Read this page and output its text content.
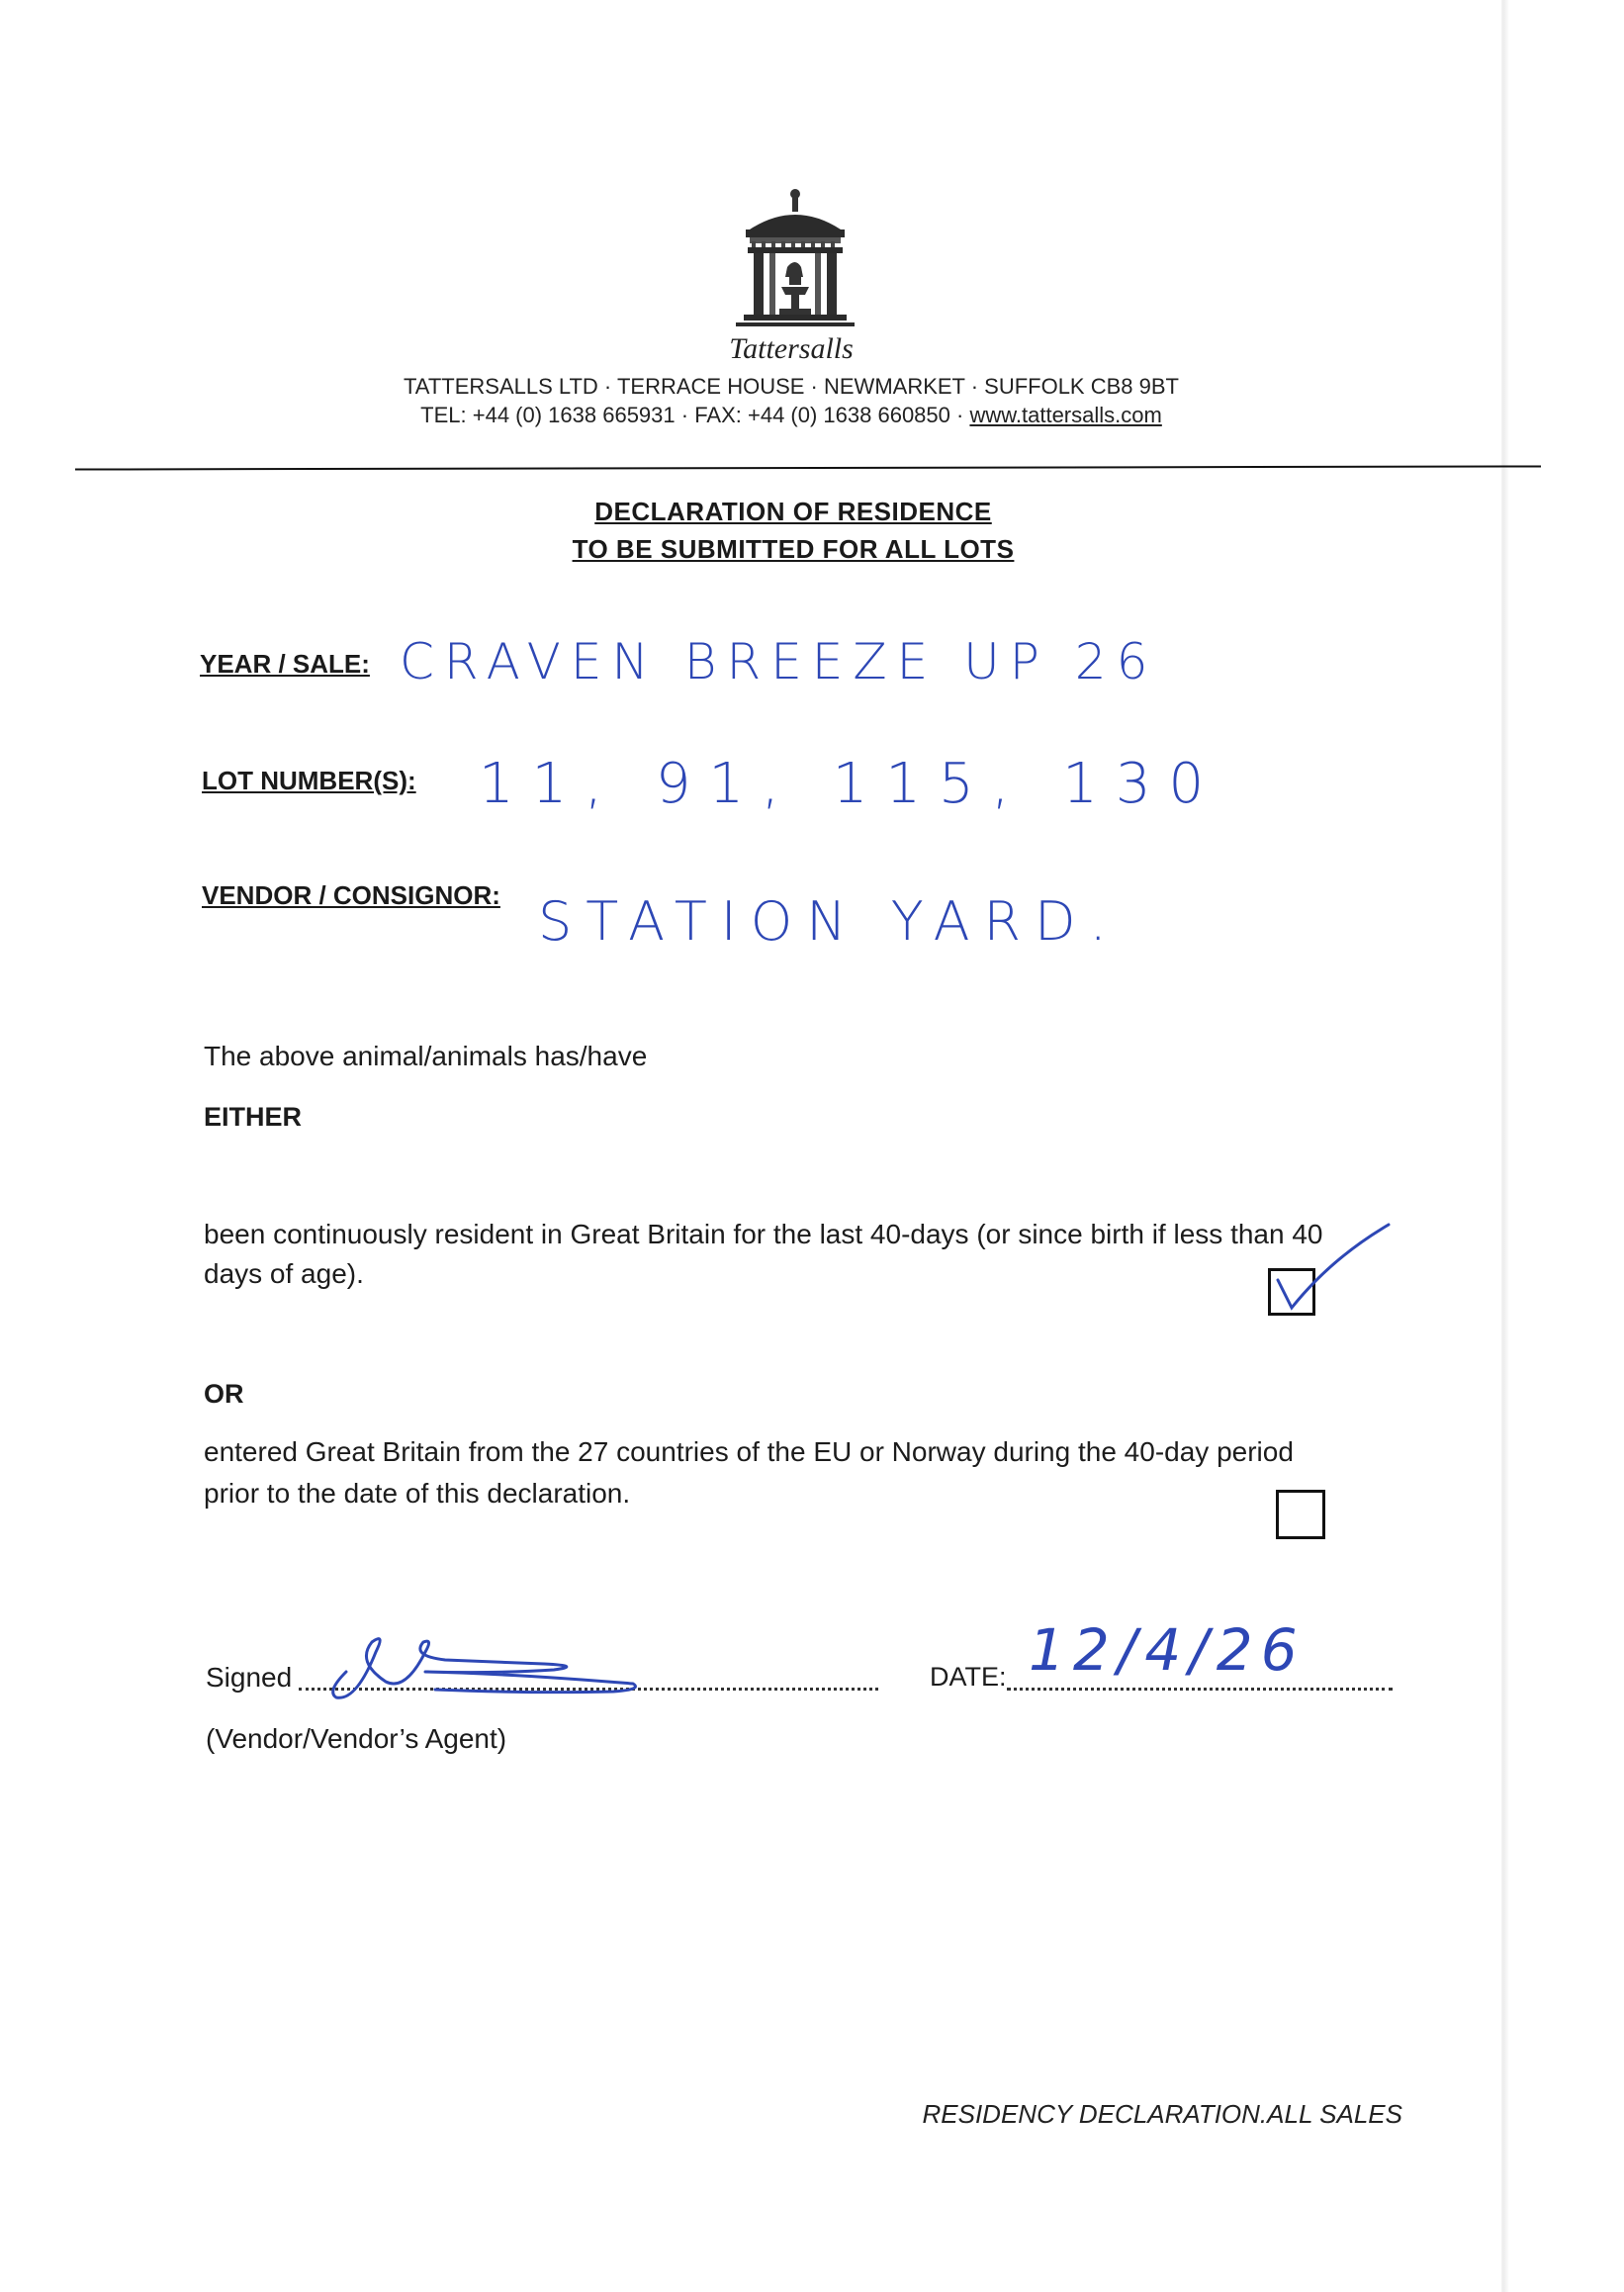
Tattersalls
TATTERSALLS LTD · TERRACE HOUSE · NEWMARKET · SUFFOLK CB8 9BT
TEL: +44 (0) 1638 665931 · FAX: +44 (0) 1638 660850 · www.tattersalls.com
DECLARATION OF RESIDENCE
TO BE SUBMITTED FOR ALL LOTS
YEAR / SALE: CRAVEN BREEZE UP 26
LOT NUMBER(S): 11, 91, 115, 130
VENDOR / CONSIGNOR: STATION YARD.
The above animal/animals has/have
EITHER
been continuously resident in Great Britain for the last 40-days (or since birth if less than 40
days of age).
OR
entered Great Britain from the 27 countries of the EU or Norway during the 40-day period
prior to the date of this declaration.
Signed	DATE: 12/4/26
(Vendor/Vendor’s Agent)
RESIDENCY DECLARATION.ALL SALES
